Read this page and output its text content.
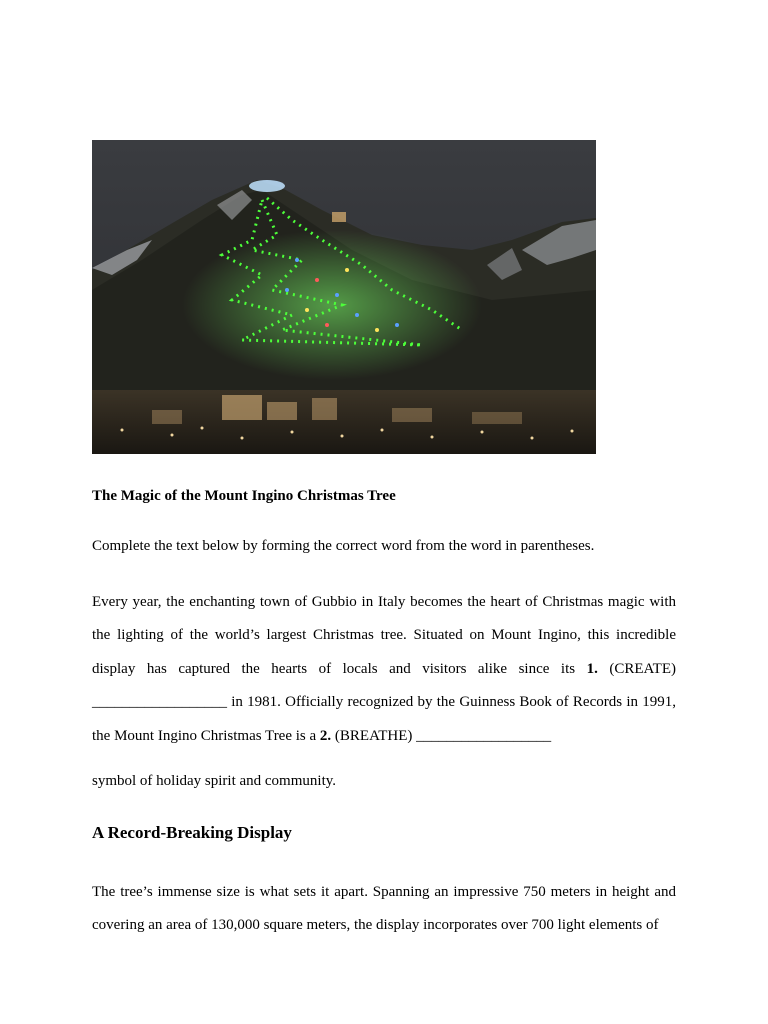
The Magic of the Mount Ingino Christmas Tree
Complete the text below by forming the correct word from the word in parentheses.
Every year, the enchanting town of Gubbio in Italy becomes the heart of Christmas magic with the lighting of the world’s largest Christmas tree. Situated on Mount Ingino, this incredible display has captured the hearts of locals and visitors alike since its 1. (CREATE) __________________ in 1981. Officially recognized by the Guinness Book of Records in 1991, the Mount Ingino Christmas Tree is a 2. (BREATHE) __________________
symbol of holiday spirit and community.
A Record-Breaking Display
The tree’s immense size is what sets it apart. Spanning an impressive 750 meters in height and covering an area of 130,000 square meters, the display incorporates over 700 light elements of
